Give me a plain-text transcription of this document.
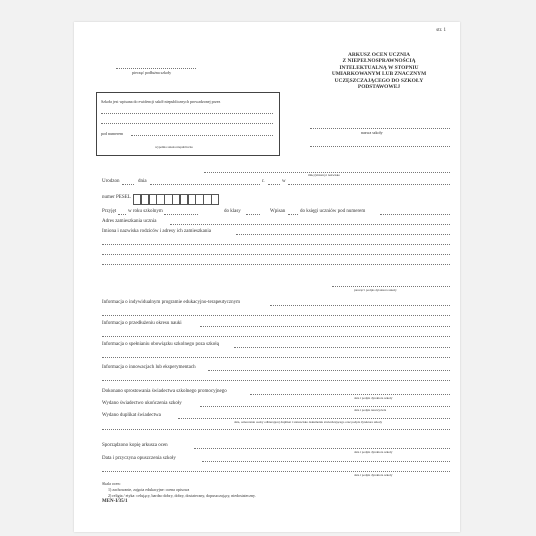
str. 1
pieczęć podłużna szkoły
ARKUSZ OCEN UCZNIA
Z NIEPEŁNOSPRAWNOŚCIĄ
INTELEKTUALNĄ W STOPNIU
UMIARKOWANYM LUB ZNACZNYM
UCZĘSZCZAJĄCEGO DO SZKOŁY
PODSTAWOWEJ
nazwa szkoły
Szkoła jest wpisana do ewidencji szkół niepublicznych prowadzonej przez
pod numerem
wypełnia szkoła niepubliczna
imię (imiona) i nazwisko
Urodzon	dnia	r.	w
numer PESEL
Przyjęt w roku szkolnym	do klasy	Wpisan	do księgi uczniów pod numerem
Adres zamieszkania ucznia
Imiona i nazwiska rodziców i adresy ich zamieszkania
pieczęć i podpis dyrektora szkoły
Informacja o indywidualnym programie edukacyjno-terapeutycznym
Informacja o przedłużeniu okresu nauki
Informacja o spełnianiu obowiązku szkolnego poza szkołą
Informacja o innowacjach lub eksperymentach
Dokonano sprostowania świadectwa szkolnego promocyjnego
data i podpis dyrektora szkoły
Wydano świadectwo ukończenia szkoły
data i podpis nauczyciela
Wydano duplikat świadectwa
data, oznaczenie osoby odbierającej duplikat i stanowisko dokumentu stwierdzającego oraz podpis dyrektora szkoły
Sporządzono kopię arkusza ocen
data i podpis dyrektora szkoły
Data i przyczyna opuszczenia szkoły
data i podpis dyrektora szkoły
Skala ocen:
1) zachowanie, zajęcia edukacyjne: ocena opisowa
2) religia / etyka: celujący, bardzo dobry, dobry, dostateczny, dopuszczający, niedostateczny.
MEN-I/35/1
